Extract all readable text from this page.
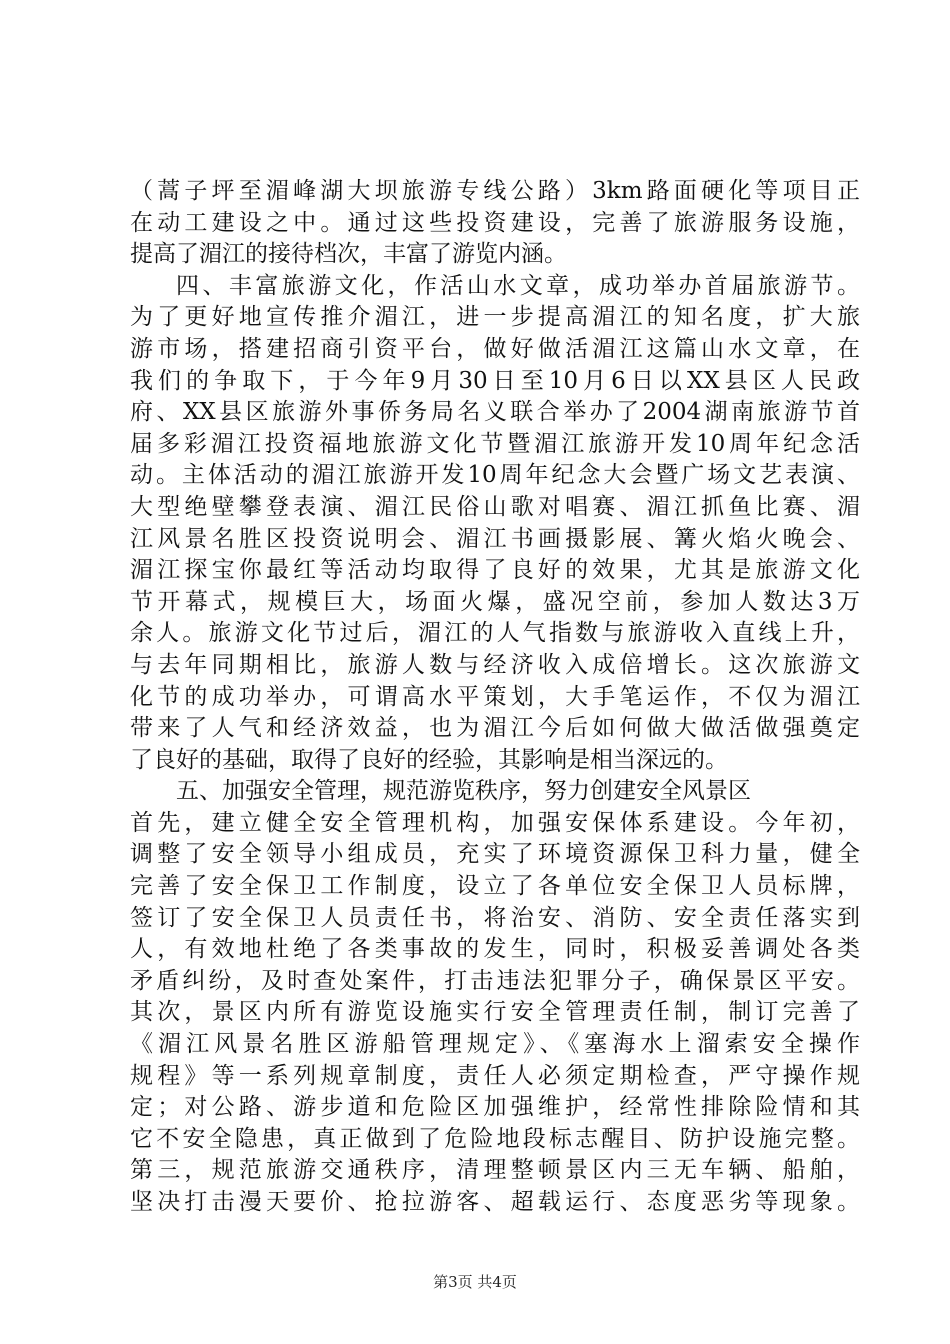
（蒿子坪至湄峰湖大坝旅游专线公路）3km路面硬化等项目正
在动工建设之中。通过这些投资建设，完善了旅游服务设施，
提高了湄江的接待档次，丰富了游览内涵。
四、丰富旅游文化，作活山水文章，成功举办首届旅游节。
为了更好地宣传推介湄江，进一步提高湄江的知名度，扩大旅
游市场，搭建招商引资平台，做好做活湄江这篇山水文章，在
我们的争取下，于今年9月30日至10月6日以XX县区人民政
府、XX县区旅游外事侨务局名义联合举办了2004湖南旅游节首
届多彩湄江投资福地旅游文化节暨湄江旅游开发10周年纪念活
动。主体活动的湄江旅游开发10周年纪念大会暨广场文艺表演、
大型绝壁攀登表演、湄江民俗山歌对唱赛、湄江抓鱼比赛、湄
江风景名胜区投资说明会、湄江书画摄影展、篝火焰火晚会、
湄江探宝你最红等活动均取得了良好的效果，尤其是旅游文化
节开幕式，规模巨大，场面火爆，盛况空前，参加人数达3万
余人。旅游文化节过后，湄江的人气指数与旅游收入直线上升，
与去年同期相比，旅游人数与经济收入成倍增长。这次旅游文
化节的成功举办，可谓高水平策划，大手笔运作，不仅为湄江
带来了人气和经济效益，也为湄江今后如何做大做活做强奠定
了良好的基础，取得了良好的经验，其影响是相当深远的。
五、加强安全管理，规范游览秩序，努力创建安全风景区
首先，建立健全安全管理机构，加强安保体系建设。今年初，
调整了安全领导小组成员，充实了环境资源保卫科力量，健全
完善了安全保卫工作制度，设立了各单位安全保卫人员标牌，
签订了安全保卫人员责任书，将治安、消防、安全责任落实到
人，有效地杜绝了各类事故的发生，同时，积极妥善调处各类
矛盾纠纷，及时查处案件，打击违法犯罪分子，确保景区平安。
其次，景区内所有游览设施实行安全管理责任制，制订完善了
《湄江风景名胜区游船管理规定》、《塞海水上溜索安全操作
规程》等一系列规章制度，责任人必须定期检查，严守操作规
定；对公路、游步道和危险区加强维护，经常性排除险情和其
它不安全隐患，真正做到了危险地段标志醒目、防护设施完整。
第三，规范旅游交通秩序，清理整顿景区内三无车辆、船舶，
坚决打击漫天要价、抢拉游客、超载运行、态度恶劣等现象。
第3页 共4页
